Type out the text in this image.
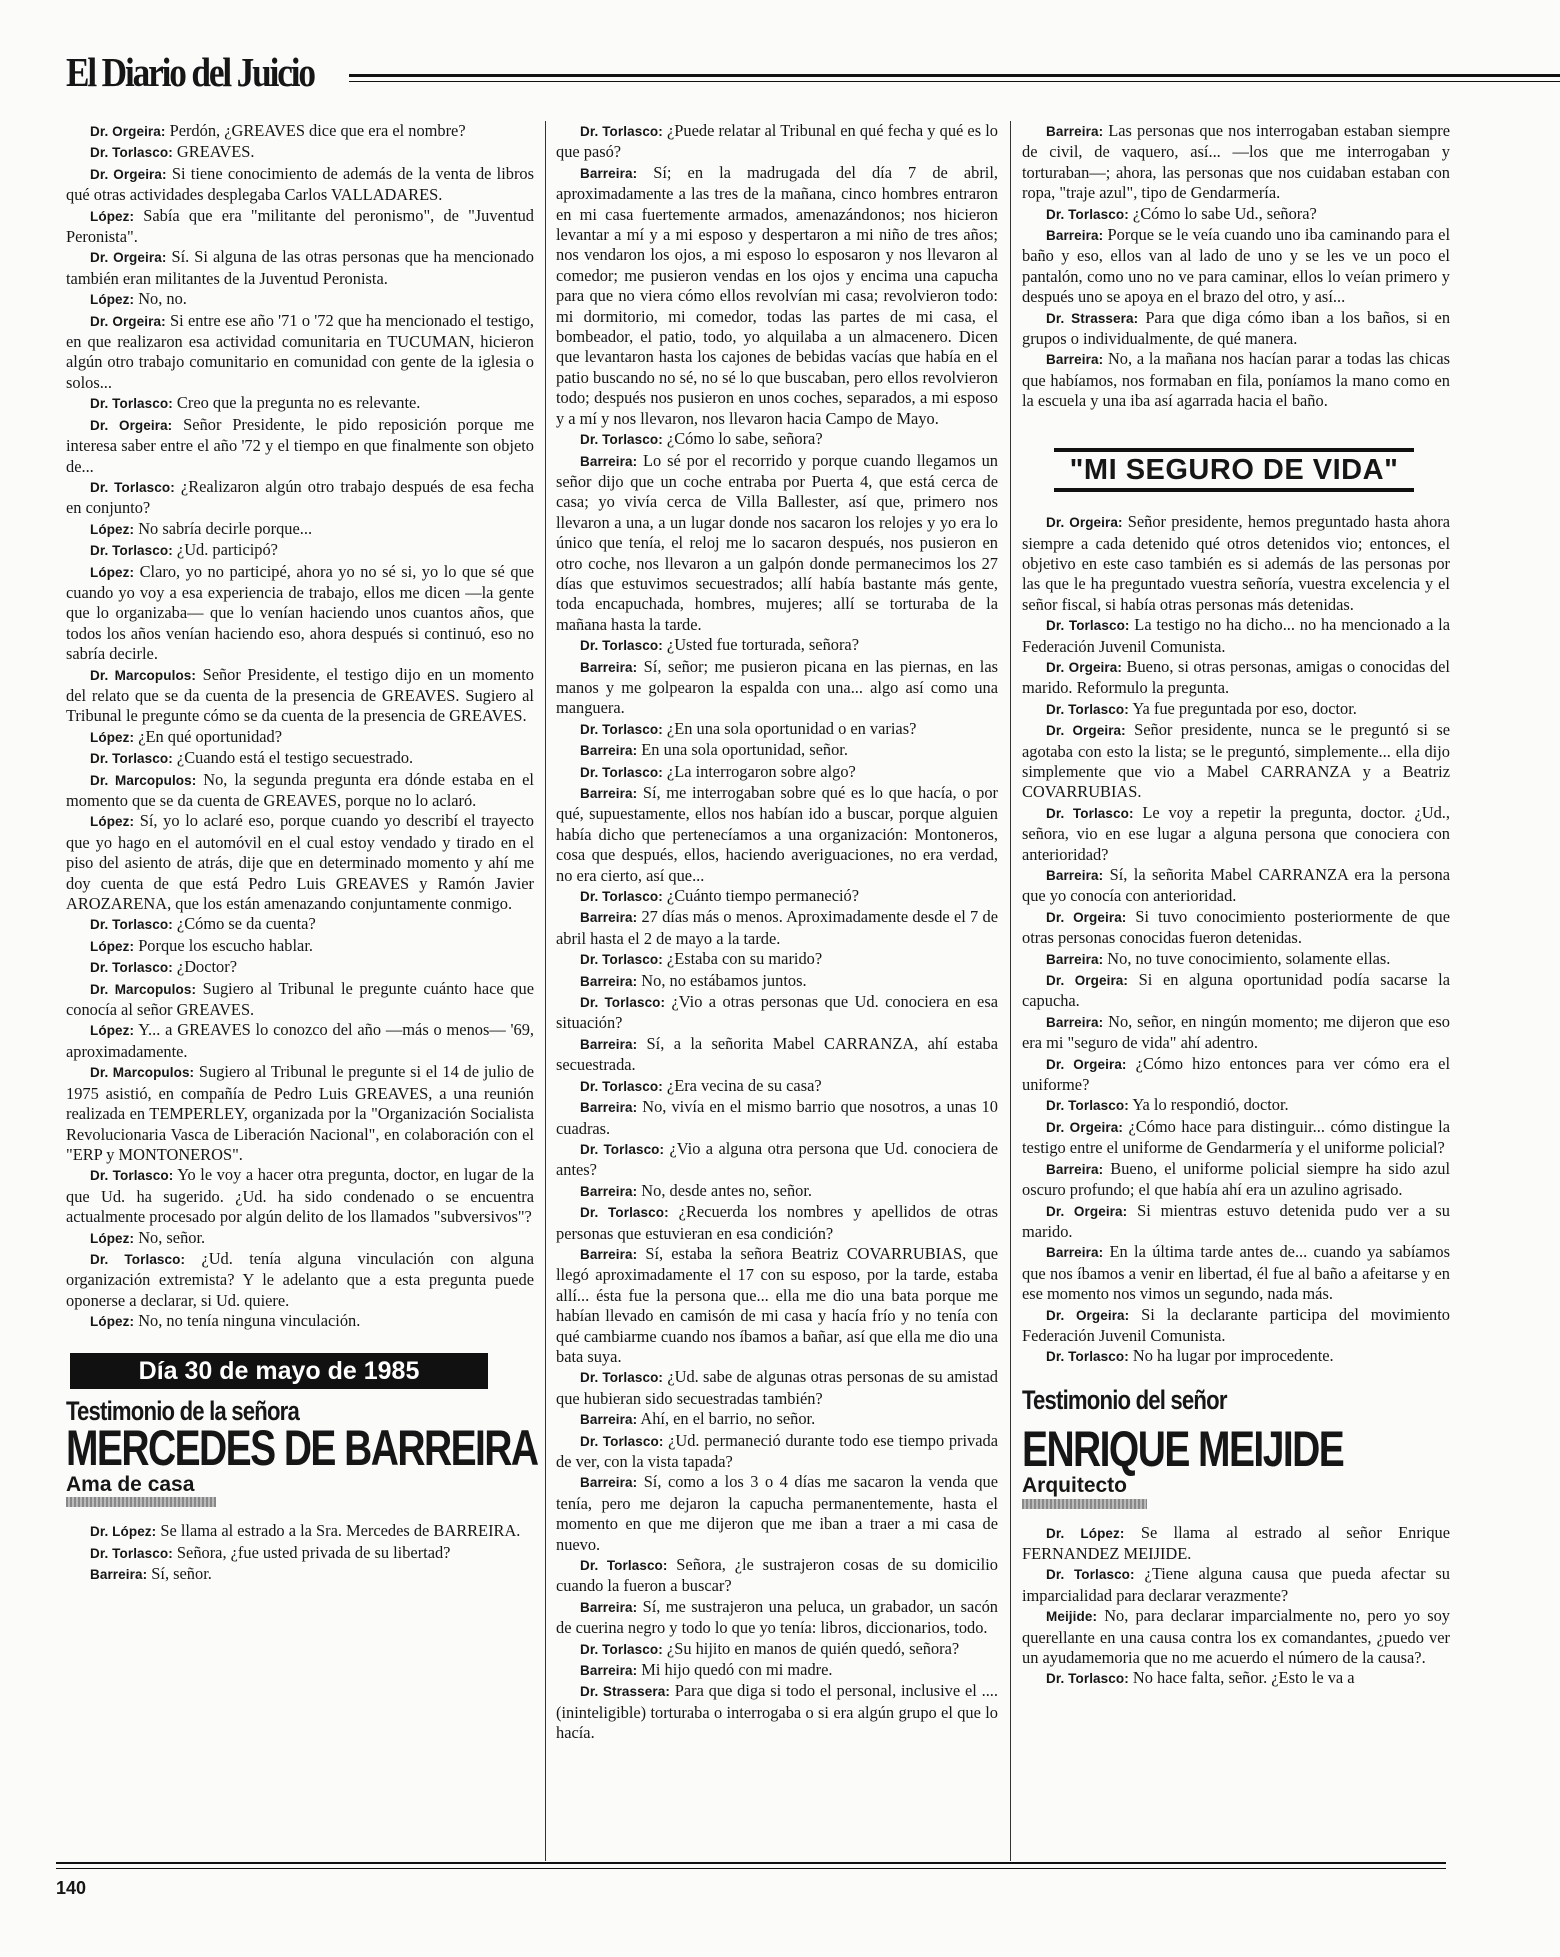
El Diario del Juicio

Dr. Orgeira: Perdón, ¿GREAVES dice que era el nombre?

Dr. Torlasco: GREAVES.

Dr. Orgeira: Si tiene conocimiento de además de la venta de libros qué otras actividades desplegaba Carlos VALLADARES.

López: Sabía que era "militante del peronismo", de "Juventud Peronista".

Dr. Orgeira: Sí. Si alguna de las otras personas que ha mencionado también eran militantes de la Juventud Peronista.

López: No, no.

Dr. Orgeira: Si entre ese año '71 o '72 que ha mencionado el testigo, en que realizaron esa actividad comunitaria en TUCUMAN, hicieron algún otro trabajo comunitario en comunidad con gente de la iglesia o solos...

Dr. Torlasco: Creo que la pregunta no es relevante.

Dr. Orgeira: Señor Presidente, le pido reposición porque me interesa saber entre el año '72 y el tiempo en que finalmente son objeto de...

Dr. Torlasco: ¿Realizaron algún otro trabajo después de esa fecha en conjunto?

López: No sabría decirle porque...

Dr. Torlasco: ¿Ud. participó?

López: Claro, yo no participé, ahora yo no sé si, yo lo que sé que cuando yo voy a esa experiencia de trabajo, ellos me dicen —la gente que lo organizaba— que lo venían haciendo unos cuantos años, que todos los años venían haciendo eso, ahora después si continuó, eso no sabría decirle.

Dr. Marcopulos: Señor Presidente, el testigo dijo en un momento del relato que se da cuenta de la presencia de GREAVES. Sugiero al Tribunal le pregunte cómo se da cuenta de la presencia de GREAVES.

López: ¿En qué oportunidad?

Dr. Torlasco: ¿Cuando está el testigo secuestrado.

Dr. Marcopulos: No, la segunda pregunta era dónde estaba en el momento que se da cuenta de GREAVES, porque no lo aclaró.

López: Sí, yo lo aclaré eso, porque cuando yo describí el trayecto que yo hago en el automóvil en el cual estoy vendado y tirado en el piso del asiento de atrás, dije que en determinado momento y ahí me doy cuenta de que está Pedro Luis GREAVES y Ramón Javier AROZARENA, que los están amenazando conjuntamente conmigo.

Dr. Torlasco: ¿Cómo se da cuenta?

López: Porque los escucho hablar.

Dr. Torlasco: ¿Doctor?

Dr. Marcopulos: Sugiero al Tribunal le pregunte cuánto hace que conocía al señor GREAVES.

López: Y... a GREAVES lo conozco del año —más o menos— '69, aproximadamente.

Dr. Marcopulos: Sugiero al Tribunal le pregunte si el 14 de julio de 1975 asistió, en compañía de Pedro Luis GREAVES, a una reunión realizada en TEMPERLEY, organizada por la "Organización Socialista Revolucionaria Vasca de Liberación Nacional", en colaboración con el "ERP y MONTONEROS".

Dr. Torlasco: Yo le voy a hacer otra pregunta, doctor, en lugar de la que Ud. ha sugerido. ¿Ud. ha sido condenado o se encuentra actualmente procesado por algún delito de los llamados "subversivos"?

López: No, señor.

Dr. Torlasco: ¿Ud. tenía alguna vinculación con alguna organización extremista? Y le adelanto que a esta pregunta puede oponerse a declarar, si Ud. quiere.

López: No, no tenía ninguna vinculación.

Día 30 de mayo de 1985
Testimonio de la señora
MERCEDES DE BARREIRA
Ama de casa

Dr. López: Se llama al estrado a la Sra. Mercedes de BARREIRA.

Dr. Torlasco: Señora, ¿fue usted privada de su libertad?

Barreira: Sí, señor.

Dr. Torlasco: ¿Puede relatar al Tribunal en qué fecha y qué es lo que pasó?

Barreira: Sí; en la madrugada del día 7 de abril, aproximadamente a las tres de la mañana, cinco hombres entraron en mi casa fuertemente armados, amenazándonos; nos hicieron levantar a mí y a mi esposo y despertaron a mi niño de tres años; nos vendaron los ojos, a mi esposo lo esposaron y nos llevaron al comedor; me pusieron vendas en los ojos y encima una capucha para que no viera cómo ellos revolvían mi casa; revolvieron todo: mi dormitorio, mi comedor, todas las partes de mi casa, el bombeador, el patio, todo, yo alquilaba a un almacenero. Dicen que levantaron hasta los cajones de bebidas vacías que había en el patio buscando no sé, no sé lo que buscaban, pero ellos revolvieron todo; después nos pusieron en unos coches, separados, a mi esposo y a mí y nos llevaron, nos llevaron hacia Campo de Mayo.

Dr. Torlasco: ¿Cómo lo sabe, señora?

Barreira: Lo sé por el recorrido y porque cuando llegamos un señor dijo que un coche entraba por Puerta 4, que está cerca de casa; yo vivía cerca de Villa Ballester, así que, primero nos llevaron a una, a un lugar donde nos sacaron los relojes y yo era lo único que tenía, el reloj me lo sacaron después, nos pusieron en otro coche, nos llevaron a un galpón donde permanecimos los 27 días que estuvimos secuestrados; allí había bastante más gente, toda encapuchada, hombres, mujeres; allí se torturaba de la mañana hasta la tarde.

Dr. Torlasco: ¿Usted fue torturada, señora?

Barreira: Sí, señor; me pusieron picana en las piernas, en las manos y me golpearon la espalda con una... algo así como una manguera.

Dr. Torlasco: ¿En una sola oportunidad o en varias?

Barreira: En una sola oportunidad, señor.

Dr. Torlasco: ¿La interrogaron sobre algo?

Barreira: Sí, me interrogaban sobre qué es lo que hacía, o por qué, supuestamente, ellos nos habían ido a buscar, porque alguien había dicho que pertenecíamos a una organización: Montoneros, cosa que después, ellos, haciendo averiguaciones, no era verdad, no era cierto, así que...

Dr. Torlasco: ¿Cuánto tiempo permaneció?

Barreira: 27 días más o menos. Aproximadamente desde el 7 de abril hasta el 2 de mayo a la tarde.

Dr. Torlasco: ¿Estaba con su marido?

Barreira: No, no estábamos juntos.

Dr. Torlasco: ¿Vio a otras personas que Ud. conociera en esa situación?

Barreira: Sí, a la señorita Mabel CARRANZA, ahí estaba secuestrada.

Dr. Torlasco: ¿Era vecina de su casa?

Barreira: No, vivía en el mismo barrio que nosotros, a unas 10 cuadras.

Dr. Torlasco: ¿Vio a alguna otra persona que Ud. conociera de antes?

Barreira: No, desde antes no, señor.

Dr. Torlasco: ¿Recuerda los nombres y apellidos de otras personas que estuvieran en esa condición?

Barreira: Sí, estaba la señora Beatriz COVARRUBIAS, que llegó aproximadamente el 17 con su esposo, por la tarde, estaba allí... ésta fue la persona que... ella me dio una bata porque me habían llevado en camisón de mi casa y hacía frío y no tenía con qué cambiarme cuando nos íbamos a bañar, así que ella me dio una bata suya.

Dr. Torlasco: ¿Ud. sabe de algunas otras personas de su amistad que hubieran sido secuestradas también?

Barreira: Ahí, en el barrio, no señor.

Dr. Torlasco: ¿Ud. permaneció durante todo ese tiempo privada de ver, con la vista tapada?

Barreira: Sí, como a los 3 o 4 días me sacaron la venda que tenía, pero me dejaron la capucha permanentemente, hasta el momento en que me dijeron que me iban a traer a mi casa de nuevo.

Dr. Torlasco: Señora, ¿le sustrajeron cosas de su domicilio cuando la fueron a buscar?

Barreira: Sí, me sustrajeron una peluca, un grabador, un sacón de cuerina negro y todo lo que yo tenía: libros, diccionarios, todo.

Dr. Torlasco: ¿Su hijito en manos de quién quedó, señora?

Barreira: Mi hijo quedó con mi madre.

Dr. Strassera: Para que diga si todo el personal, inclusive el .... (ininteligible) torturaba o interrogaba o si era algún grupo el que lo hacía.

Barreira: Las personas que nos interrogaban estaban siempre de civil, de vaquero, así... —los que me interrogaban y torturaban—; ahora, las personas que nos cuidaban estaban con ropa, "traje azul", tipo de Gendarmería.

Dr. Torlasco: ¿Cómo lo sabe Ud., señora?

Barreira: Porque se le veía cuando uno iba caminando para el baño y eso, ellos van al lado de uno y se les ve un poco el pantalón, como uno no ve para caminar, ellos lo veían primero y después uno se apoya en el brazo del otro, y así...

Dr. Strassera: Para que diga cómo iban a los baños, si en grupos o individualmente, de qué manera.

Barreira: No, a la mañana nos hacían parar a todas las chicas que habíamos, nos formaban en fila, poníamos la mano como en la escuela y una iba así agarrada hacia el baño.

"MI SEGURO DE VIDA"

Dr. Orgeira: Señor presidente, hemos preguntado hasta ahora siempre a cada detenido qué otros detenidos vio; entonces, el objetivo en este caso también es si además de las personas por las que le ha preguntado vuestra señoría, vuestra excelencia y el señor fiscal, si había otras personas más detenidas.

Dr. Torlasco: La testigo no ha dicho... no ha mencionado a la Federación Juvenil Comunista.

Dr. Orgeira: Bueno, si otras personas, amigas o conocidas del marido. Reformulo la pregunta.

Dr. Torlasco: Ya fue preguntada por eso, doctor.

Dr. Orgeira: Señor presidente, nunca se le preguntó si se agotaba con esto la lista; se le preguntó, simplemente... ella dijo simplemente que vio a Mabel CARRANZA y a Beatriz COVARRUBIAS.

Dr. Torlasco: Le voy a repetir la pregunta, doctor. ¿Ud., señora, vio en ese lugar a alguna persona que conociera con anterioridad?

Barreira: Sí, la señorita Mabel CARRANZA era la persona que yo conocía con anterioridad.

Dr. Orgeira: Si tuvo conocimiento posteriormente de que otras personas conocidas fueron detenidas.

Barreira: No, no tuve conocimiento, solamente ellas.

Dr. Orgeira: Si en alguna oportunidad podía sacarse la capucha.

Barreira: No, señor, en ningún momento; me dijeron que eso era mi "seguro de vida" ahí adentro.

Dr. Orgeira: ¿Cómo hizo entonces para ver cómo era el uniforme?

Dr. Torlasco: Ya lo respondió, doctor.

Dr. Orgeira: ¿Cómo hace para distinguir... cómo distingue la testigo entre el uniforme de Gendarmería y el uniforme policial?

Barreira: Bueno, el uniforme policial siempre ha sido azul oscuro profundo; el que había ahí era un azulino agrisado.

Dr. Orgeira: Si mientras estuvo detenida pudo ver a su marido.

Barreira: En la última tarde antes de... cuando ya sabíamos que nos íbamos a venir en libertad, él fue al baño a afeitarse y en ese momento nos vimos un segundo, nada más.

Dr. Orgeira: Si la declarante participa del movimiento Federación Juvenil Comunista.

Dr. Torlasco: No ha lugar por improcedente.

Testimonio del señor
ENRIQUE MEIJIDE
Arquitecto

Dr. López: Se llama al estrado al señor Enrique FERNANDEZ MEIJIDE.

Dr. Torlasco: ¿Tiene alguna causa que pueda afectar su imparcialidad para declarar verazmente?

Meijide: No, para declarar imparcialmente no, pero yo soy querellante en una causa contra los ex comandantes, ¿puedo ver un ayudamemoria que no me acuerdo el número de la causa?.

Dr. Torlasco: No hace falta, señor. ¿Esto le va a

140
